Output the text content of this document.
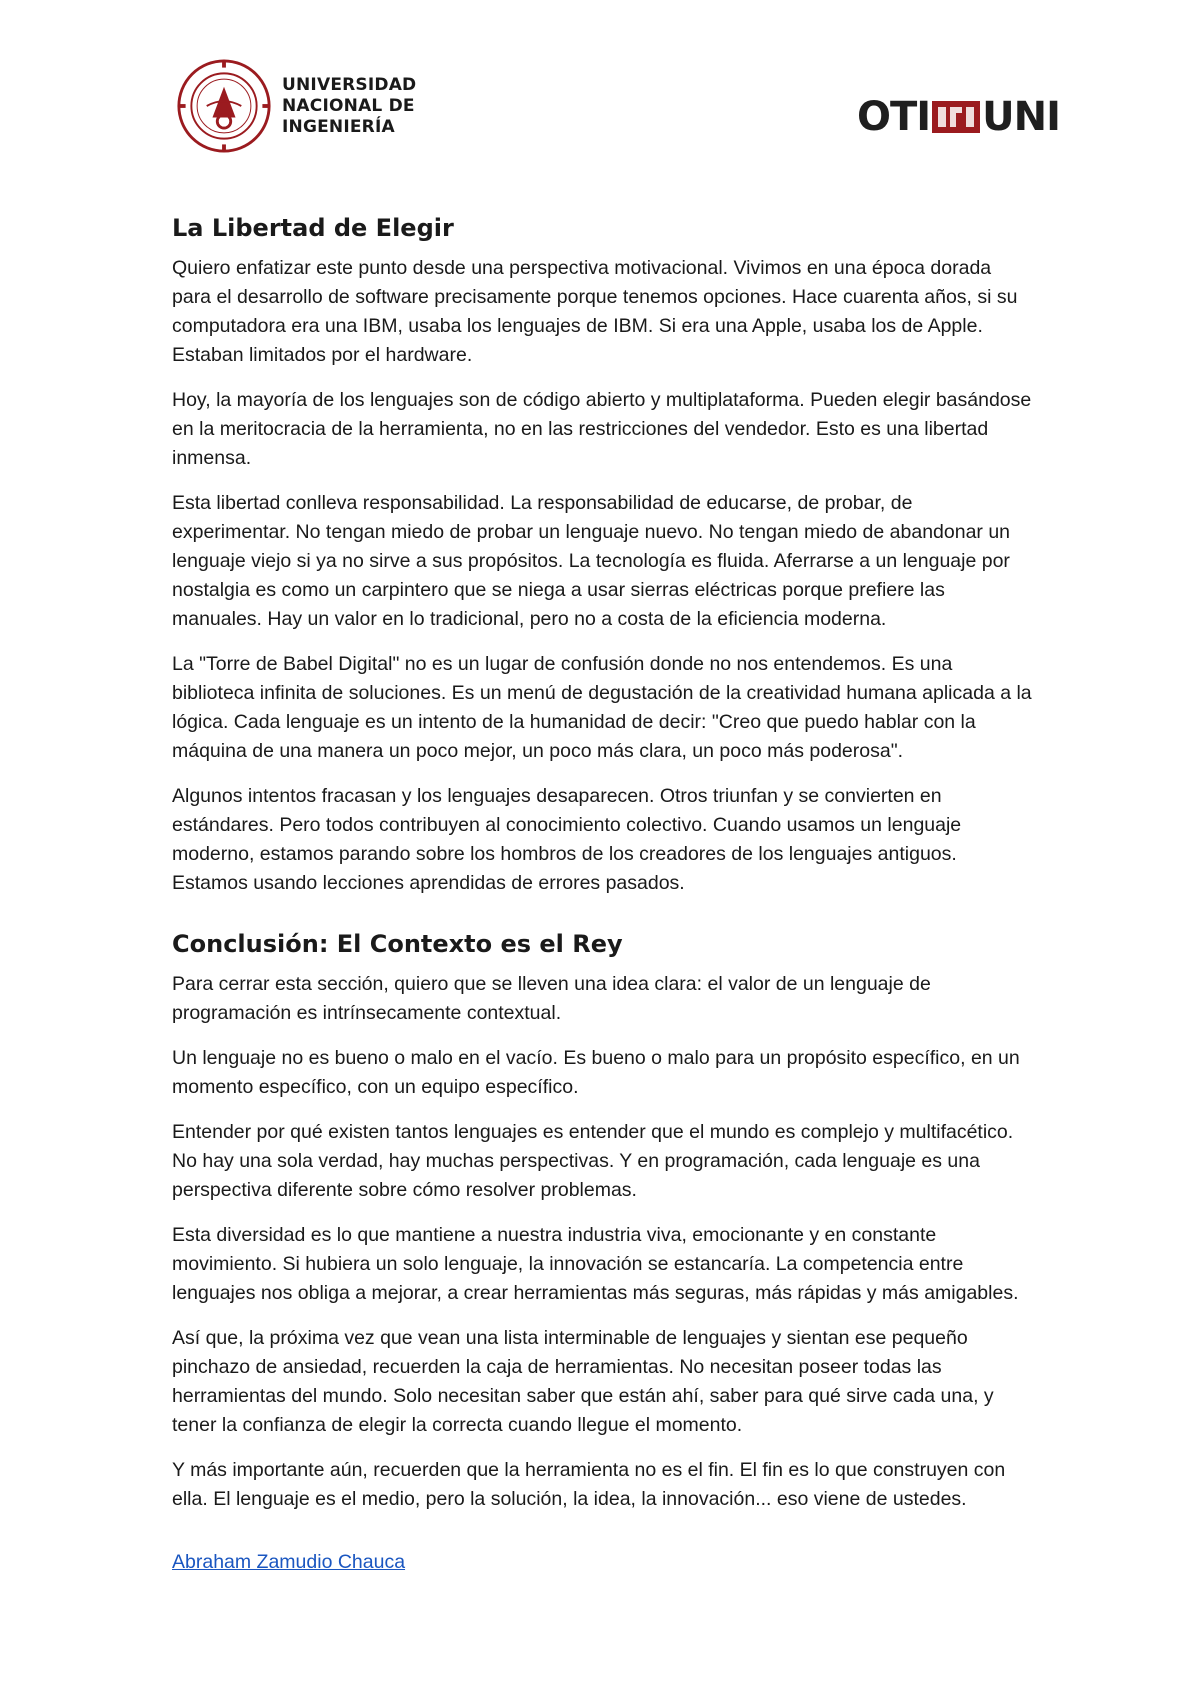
UNIVERSIDAD
NACIONAL DE
INGENIERÍA	OTI UNI
La Libertad de Elegir

Quiero enfatizar este punto desde una perspectiva motivacional. Vivimos en una época dorada para el desarrollo de software precisamente porque tenemos opciones. Hace cuarenta años, si su computadora era una IBM, usaba los lenguajes de IBM. Si era una Apple, usaba los de Apple. Estaban limitados por el hardware.

Hoy, la mayoría de los lenguajes son de código abierto y multiplataforma. Pueden elegir basándose en la meritocracia de la herramienta, no en las restricciones del vendedor. Esto es una libertad inmensa.

Esta libertad conlleva responsabilidad. La responsabilidad de educarse, de probar, de experimentar. No tengan miedo de probar un lenguaje nuevo. No tengan miedo de abandonar un lenguaje viejo si ya no sirve a sus propósitos. La tecnología es fluida. Aferrarse a un lenguaje por nostalgia es como un carpintero que se niega a usar sierras eléctricas porque prefiere las manuales. Hay un valor en lo tradicional, pero no a costa de la eficiencia moderna.

La "Torre de Babel Digital" no es un lugar de confusión donde no nos entendemos. Es una biblioteca infinita de soluciones. Es un menú de degustación de la creatividad humana aplicada a la lógica. Cada lenguaje es un intento de la humanidad de decir: "Creo que puedo hablar con la máquina de una manera un poco mejor, un poco más clara, un poco más poderosa".

Algunos intentos fracasan y los lenguajes desaparecen. Otros triunfan y se convierten en estándares. Pero todos contribuyen al conocimiento colectivo. Cuando usamos un lenguaje moderno, estamos parando sobre los hombros de los creadores de los lenguajes antiguos. Estamos usando lecciones aprendidas de errores pasados.

Conclusión: El Contexto es el Rey

Para cerrar esta sección, quiero que se lleven una idea clara: el valor de un lenguaje de programación es intrínsecamente contextual.

Un lenguaje no es bueno o malo en el vacío. Es bueno o malo para un propósito específico, en un momento específico, con un equipo específico.

Entender por qué existen tantos lenguajes es entender que el mundo es complejo y multifacético. No hay una sola verdad, hay muchas perspectivas. Y en programación, cada lenguaje es una perspectiva diferente sobre cómo resolver problemas.

Esta diversidad es lo que mantiene a nuestra industria viva, emocionante y en constante movimiento. Si hubiera un solo lenguaje, la innovación se estancaría. La competencia entre lenguajes nos obliga a mejorar, a crear herramientas más seguras, más rápidas y más amigables.

Así que, la próxima vez que vean una lista interminable de lenguajes y sientan ese pequeño pinchazo de ansiedad, recuerden la caja de herramientas. No necesitan poseer todas las herramientas del mundo. Solo necesitan saber que están ahí, saber para qué sirve cada una, y tener la confianza de elegir la correcta cuando llegue el momento.

Y más importante aún, recuerden que la herramienta no es el fin. El fin es lo que construyen con ella. El lenguaje es el medio, pero la solución, la idea, la innovación... eso viene de ustedes.

Abraham Zamudio Chauca
